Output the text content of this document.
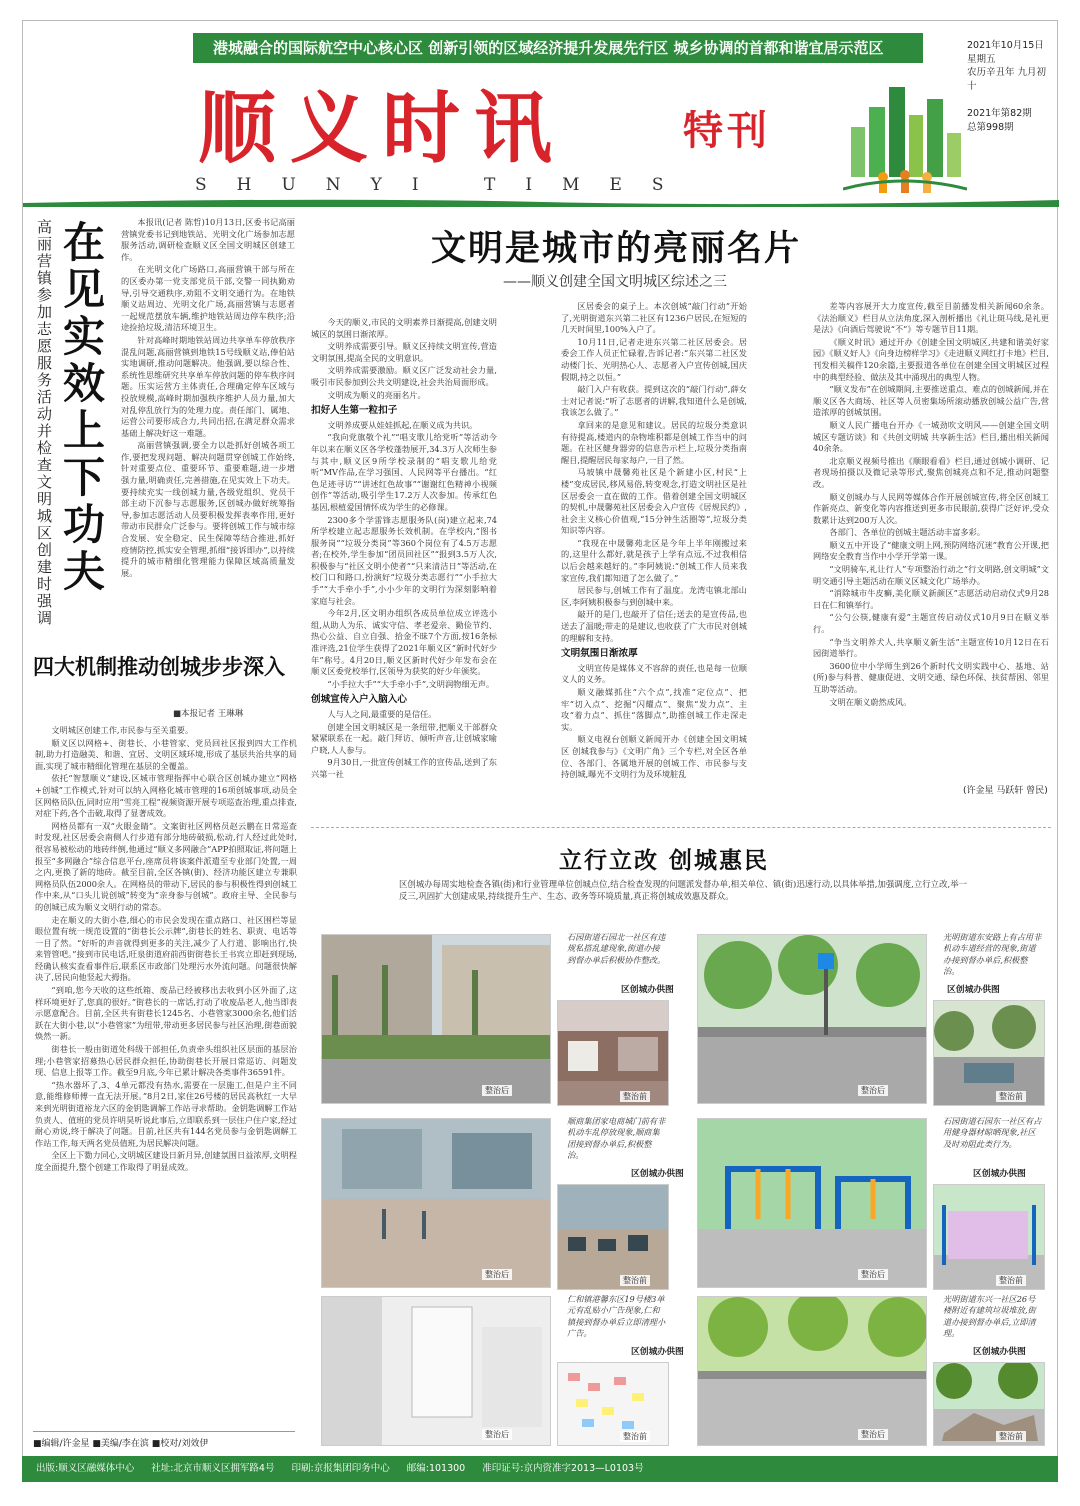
港城融合的国际航空中心核心区 创新引领的区域经济提升发展先行区 城乡协调的首都和谐宜居示范区
顺义时讯	特刊
SHUNYI TIMES
2021年10月15日
星期五
农历辛丑年 九月初十
2021年第82期
总第998期
高丽营镇参加志愿服务活动并检查文明城区创建时强调
在见实效上下功夫

本报讯(记者 陈哲)10月13日,区委书记高丽营镇党委书记到地铁站、光明文化广场参加志愿服务活动,调研检查顺义区全国文明城区创建工作。

在光明文化广场路口,高丽营镇干部与所在的区委办第一党支部党员干部,交警一同执勤劝导,引导交通秩序,劝阻不文明交通行为。在地铁顺义站周边、光明文化广场,高丽营镇与志愿者一起规范摆放车辆,维护地铁站周边停车秩序;沿途捡拾垃圾,清洁环境卫生。

针对高峰时期地铁站周边共享单车停放秩序混乱问题,高丽营镇到地铁15号线顺义站,俸伯站实地调研,推动问题解决。他强调,要以综合性、系统性思维研究共享单车停放问题的停车秩序问题。压实运营方主体责任,合理确定停车区域与投放规模,高峰时期加强秩序维护人员力量,加大对乱停乱放行为的处理力度。责任部门、属地、运营公司要形成合力,共同出招,在满足群众需求基础上解决好这一难题。

高丽营镇强调,要全力以赴抓好创城各项工作,要把发现问题、解决问题贯穿创城工作始终,针对重要点位、重要环节、重要难题,进一步增强力量,明确责任,完善措施,在见实效上下功夫。要持续充实一线创城力量,各级党组织、党员干部主动下沉参与志愿服务,区创城办做好统筹指导,参加志愿活动人员要积极发挥表率作用,更好带动市民群众广泛参与。要将创城工作与城市综合发展、安全稳定、民生保障等结合推进,抓好疫情防控,抓实安全管理,抓细“接诉即办”,以持续提升的城市精细化管理能力保障区域高质量发展。

四大机制推动创城步步深入
■本报记者 王琳琳

文明城区创建工作,市民参与至关重要。

顺义区以网格+、街巷长、小巷管家、党员回社区报到四大工作机制,助力打造融美、和谐、宜居、文明区域环境,形成了基层共治共享的局面,实现了城市精细化管理在基层的全覆盖。

依托“智慧顺义”建设,区城市管理指挥中心联合区创城办建立“网格+创城”工作模式,针对可以纳入网格化城市管理的16项创城事项,动员全区网格员队伍,同时应用“雪亮工程”视频资源开展专项巡查治理,重点排查,对症下药,各个击破,取得了显著成效。

网格员都有一双“火眼金睛”。文案街社区网格员赵云鹏在日常巡查时发现,社区居委会南侧人行步道有部分地砖破损,松动,行人经过此处时,很容易被松动的地砖绊倒,他通过“顺义多网融合”APP拍照取证,将问题上报至“多网融合”综合信息平台,座席员将该案件派遣至专业部门处置,一周之内,更换了新的地砖。截至目前,全区各镇(街)、经济功能区建立专兼职网格员队伍2000余人。在网格员的带动下,居民的参与积极性得到创城工作中来,从“口头儿说创城”转变为“亲身参与创城”。政府主导、全民参与的创城已成为顺义文明行动的常态。

走在顺义的大街小巷,细心的市民会发现在重点路口、社区围栏等显眼位置有统一规范设置的“街巷长公示牌”,街巷长的姓名、职责、电话等一目了然。“好听的声音就得到更多的关注,减少了人行道、影响出行,快来管管吧。”接到市民电话,旺泉街道府前西街街巷长王书宾立即赶到现场,经确认核实查看事件后,联系区市政部门处理污水外流问题。问题很快解决了,居民向他竖起大拇指。

“到咱,您今天收的这些纸箱、废品已经被移出去收到小区外面了,这样环境更好了,您真的很好。”街巷长的一席话,打动了收废品老人,他当即表示愿意配合。目前,全区共有街巷长1245名、小巷管家3000余名,他们活跃在大街小巷,以“小巷管家”为纽带,带动更多居民参与社区治理,街巷面貌焕然一新。

街巷长一般由街道处科级干部担任,负责牵头组织社区层面的基层治理;小巷管家招募热心居民群众担任,协助街巷长开展日常巡访、问题发现、信息上报等工作。截至9月底,今年已累计解决各类事件36591件。

“热水器坏了,3、4单元都没有热水,需要在一层施工,但是户主不同意,能维修师傅一直无法开展。”8月2日,家住26号楼的居民高秋红一大早来到光明街道裕龙六区的金钥匙调解工作站寻求帮助。金钥匙调解工作站负责人、值班的党员许明昊听说此事后,立即联系到一层住户住户家,经过耐心劝说,终于解决了问题。目前,社区共有144名党员参与金钥匙调解工作站工作,每天两名党员值班,为居民解决问题。

全区上下勠力同心,文明城区建设日新月异,创建氛围日益浓厚,文明程度全面提升,整个创建工作取得了明显成效。

■编辑/许金星 ■美编/李在滨 ■校对/刘效伊
文明是城市的亮丽名片
——顺义创建全国文明城区综述之三

今天的顺义,市民的文明素养日渐提高,创建文明城区的氛围日渐浓厚。

文明养成需要引导。顺义区持续文明宣传,营造文明氛围,提高全民的文明意识。

文明养成需要激励。顺义区广泛发动社会力量,吸引市民参加到公共文明建设,社会共治局面形成。

文明成为顺义的亮丽名片。

扣好人生第一粒扣子

文明养成要从娃娃抓起,在顺义成为共识。

“我向党旗敬个礼”“唱支歌儿给党听”等活动今年以来在顺义区各学校蓬勃展开,34.3万人次师生参与其中,顺义区9所学校录制的“唱支歌儿给党听”MV作品,在学习强国、人民网等平台播出。“红色足迹寻访”“讲述红色故事”“谢谢红色精神小视频创作”等活动,吸引学生17.2万人次参加。传承红色基因,根植爱国情怀成为学生的必修课。

2300多个学雷锋志愿服务队(岗)建立起来,74所学校建立起志愿服务长效机制。在学校内,“图书服务岗”“垃圾分类岗”等360个岗位有了4.5万志愿者;在校外,学生参加“团员回社区”“报到3.5万人次,积极参与“社区文明小使者”“只来清洁日”等活动,在校门口和路口,扮演好“垃圾分类志愿行”“小手拉大手”“大手牵小手”,小小少年的文明行为深刻影响着家庭与社会。

今年2月,区文明办组织各成员单位成立评选小组,从助人为乐、诚实守信、孝老爱亲、勤俭节约、热心公益、自立自强、拾金不昧7个方面,按16条标准评选,21位学生获得了2021年顺义区“新时代好少年”称号。4月20日,顺义区新时代好少年发布会在顺义区委党校举行,区领导为获奖的好少年颁奖。

“小手拉大手”“大手牵小手”,文明润物细无声。

创城宣传入户入脑入心

人与人之间,最重要的是信任。

创建全国文明城区是一条纽带,把顺义干部群众紧紧联系在一起。敲门拜访、倾听声音,让创城家喻户晓,人人参与。

9月30日,一批宣传创城工作的宣传品,送到了东兴第一社

区居委会的桌子上。本次创城“敲门行动”开始了,光明街道东兴第二社区有1236户居民,在短短的几天时间里,100%入户了。

10月11日,记者走进东兴第二社区居委会。居委会工作人员正忙碌着,告诉记者:“东兴第二社区发动楼门长、光明热心人、志愿者入户宣传创城,国庆假期,持之以恒。”

敲门入户有收获。提到这次的“敲门行动”,薛女士对记者说:“听了志愿者的讲解,我知道什么是创城,我该怎么做了。”

拿回来的是意见和建议。居民的垃圾分类意识有待提高,楼道内的杂物堆积都是创城工作当中的问题。在社区健身器旁的信息告示栏上,垃圾分类指南醒目,提醒居民每家每户,一目了然。

马坡镇中晟馨苑社区是个新建小区,村民“上楼”变成居民,移风易俗,转变观念,打造文明社区是社区居委会一直在做的工作。借着创建全国文明城区的契机,中晟馨苑社区居委会入户宣传《居规民约》,社会主义核心价值观,“15分钟生活圈等”,垃圾分类知识等内容。

“我现在中晟馨苑北区是今年上半年刚搬过来的,这里什么都好,就是孩子上学有点远,不过我相信以后会越来越好的。”李阿姨说:“创城工作人员来我家宣传,我们都知道了怎么做了。”

居民参与,创城工作有了温度。龙湾屯镇北部山区,李阿姨积极参与到创城中来。

敲开的是门,也敲开了信任;送去的是宣传品,也送去了温暖;带走的是建议,也收获了广大市民对创城的理解和支持。

文明氛围日渐浓厚

文明宣传是媒体义不容辞的责任,也是每一位顺义人的义务。

顺义融媒抓住“六个点”,找准“定位点”、把牢“切入点”、挖掘“闪耀点”、聚焦“发力点”、主攻“着力点”、抓住“落脚点”,助推创城工作走深走实。

顺义电视台创顺义新闻开办《创建全国文明城区 创城我参与》《文明广角》三个专栏,对全区各单位、各部门、各属地开展的创城工作、市民参与支持创城,曝光不文明行为及环境脏乱

差等内容展开大力度宣传,截至目前播发相关新闻60余条。《法治顺义》栏目从立法角度,深入剖析播出《礼让斑马线,是礼更是法》《向酒后驾驶说“不”》等专题节目11期。

《顺义时讯》通过开办《创建全国文明城区,共建和谐美好家园》《顺义好人》《向身边榜样学习》《走进顺义网红打卡地》栏目,刊发相关稿件120余篇,主要报道各单位在创建全国文明城区过程中的典型经验、做法及其中涌现出的典型人物。

“顺义发布”在创城期间,主要推送重点、难点的创城新闻,并在顺义区各大商场、社区等人员密集场所滚动播放创城公益广告,营造浓厚的创城氛围。

顺义人民广播电台开办《一城劲吹文明风——创建全国文明城区专题访谈》和《共创文明城 共享新生活》栏目,播出相关新闻40余条。

北京顺义视频号推出《顺眼看看》栏目,通过创城小调研、记者现场拍摄以及微记录等形式,聚焦创城亮点和不足,推动问题整改。

顺义创城办与人民网等媒体合作开展创城宣传,将全区创城工作新亮点、新变化等内容推送到更多市民眼前,获得广泛好评,受众数累计达到200万人次。

各部门、各单位的创城主题活动丰富多彩。

顺义五中开设了“健康文明上网,预防网络沉迷”教育公开课,把网络安全教育当作中小学开学第一课。

“文明骑车,礼让行人”专项整治行动之“行文明路,创文明城”文明交通引导主题活动在顺义区城文化广场举办。

“消除城市牛皮癣,美化顺义新颜区”志愿活动启动仪式9月28日在仁和镇举行。

“公勺公筷,健康有爱”主题宣传启动仪式10月9日在顺义举行。

“争当文明养犬人,共享顺义新生活”主题宣传10月12日在石园街道举行。

3600位中小学师生到26个新时代文明实践中心、基地、站(所)参与科普、健康促进、文明交通、绿色环保、扶贫帮困、邻里互助等活动。

文明在顺义蔚然成风。

(许金星 马跃轩 曾民)
立行立改 创城惠民
区创城办每周实地检查各镇(街)和行业管理单位创城点位,结合检查发现的问题派发督办单,相关单位、镇(街)迅速行动,以具体举措,加强调度,立行立改,举一反三,巩固扩大创建成果,持续提升生产、生态、政务等环境质量,真正将创城成效惠及群众。
石园街道石园北一社区有违规私搭乱建现象,街道办接到督办单后积极协作整改。
区创城办供图
整治后
整治前
光明街道东安路上有占用非机动车道经营的现象,街道办接到督办单后,积极整治。
区创城办供图
整治后
整治前
顺商集团家电商城门前有非机动车乱停放现象,顺商集团接到督办单后,积极整治。
区创城办供图
整治后
整治前
石园街道石园东一社区有占用健身器材晾晒现象,社区及时劝阻此类行为。
区创城办供图
整治后
整治前
仁和镇港馨东区19号楼3单元有乱贴小广告现象,仁和镇接到督办单后立即清理小广告。
区创城办供图
整治后	整治前
光明街道东兴一社区26号楼附近有建筑垃圾堆放,街道办接到督办单后,立即清理。
区创城办供图
整治后	整治前
出版:顺义区融媒体中心 社址:北京市顺义区拥军路4号 印刷:京报集团印务中心 邮编:101300 准印证号:京内资准字2013—L0103号
